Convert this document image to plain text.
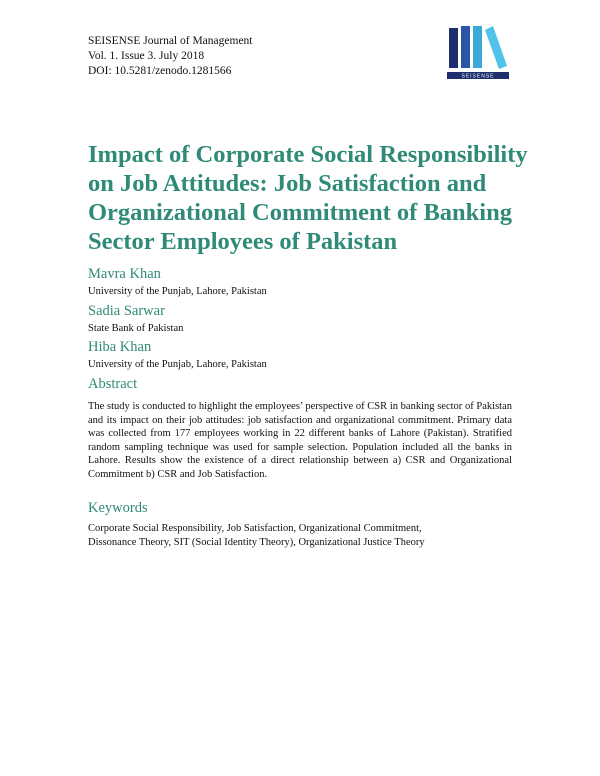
SEISENSE Journal of Management
Vol. 1. Issue 3. July 2018
DOI: 10.5281/zenodo.1281566	SEISENSE
Impact of Corporate Social Responsibility
on Job Attitudes: Job Satisfaction and
Organizational Commitment of Banking
Sector Employees of Pakistan
Mavra Khan
University of the Punjab, Lahore, Pakistan
Sadia Sarwar
State Bank of Pakistan
Hiba Khan
University of the Punjab, Lahore, Pakistan
Abstract

The study is conducted to highlight the employees’ perspective of CSR in banking sector of Pakistan and its impact on their job attitudes: job satisfaction and organizational commitment. Primary data was collected from 177 employees working in 22 different banks of Lahore (Pakistan). Stratified random sampling technique was used for sample selection. Population included all the banks in Lahore. Results show the existence of a direct relationship between a) CSR and Organizational Commitment b) CSR and Job Satisfaction.

Keywords

Corporate Social Responsibility, Job Satisfaction, Organizational Commitment,
Dissonance Theory, SIT (Social Identity Theory), Organizational Justice Theory
